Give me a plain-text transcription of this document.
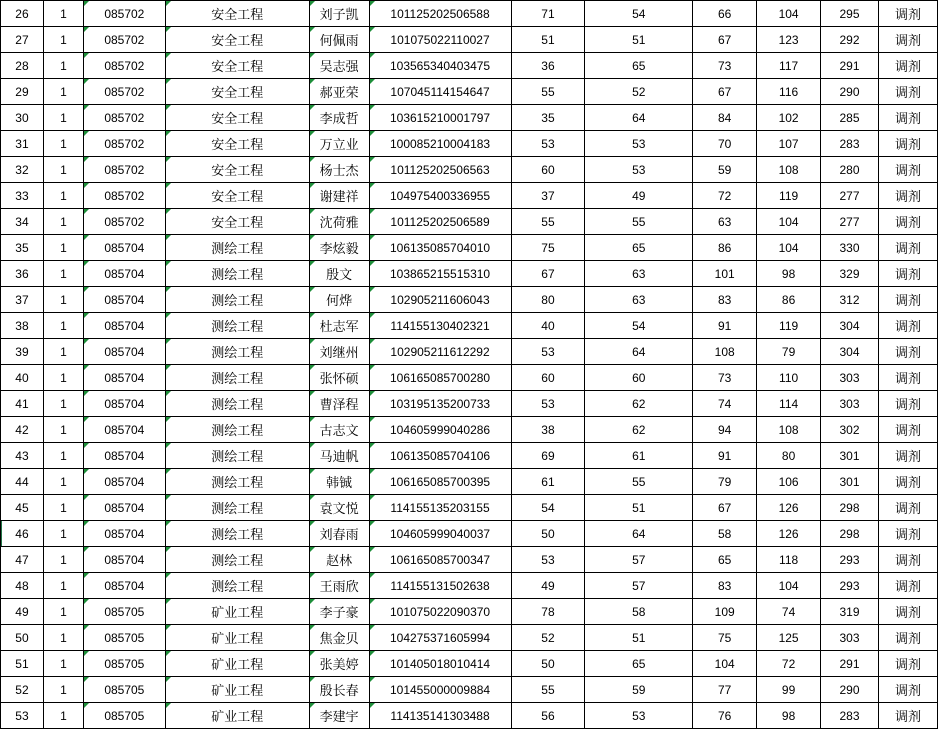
26	1	085702	安全工程	刘子凯	101125202506588	71	54	66	104	295	调剂
27	1	085702	安全工程	何佩雨	101075022110027	51	51	67	123	292	调剂
28	1	085702	安全工程	吴志强	103565340403475	36	65	73	117	291	调剂
29	1	085702	安全工程	郝亚荣	107045114154647	55	52	67	116	290	调剂
30	1	085702	安全工程	李成哲	103615210001797	35	64	84	102	285	调剂
31	1	085702	安全工程	万立业	100085210004183	53	53	70	107	283	调剂
32	1	085702	安全工程	杨士杰	101125202506563	60	53	59	108	280	调剂
33	1	085702	安全工程	谢建祥	104975400336955	37	49	72	119	277	调剂
34	1	085702	安全工程	沈荷雅	101125202506589	55	55	63	104	277	调剂
35	1	085704	测绘工程	李炫毅	106135085704010	75	65	86	104	330	调剂
36	1	085704	测绘工程	殷文	103865215515310	67	63	101	98	329	调剂
37	1	085704	测绘工程	何烨	102905211606043	80	63	83	86	312	调剂
38	1	085704	测绘工程	杜志军	114155130402321	40	54	91	119	304	调剂
39	1	085704	测绘工程	刘继州	102905211612292	53	64	108	79	304	调剂
40	1	085704	测绘工程	张怀硕	106165085700280	60	60	73	110	303	调剂
41	1	085704	测绘工程	曹泽程	103195135200733	53	62	74	114	303	调剂
42	1	085704	测绘工程	古志文	104605999040286	38	62	94	108	302	调剂
43	1	085704	测绘工程	马迪帆	106135085704106	69	61	91	80	301	调剂
44	1	085704	测绘工程	韩铖	106165085700395	61	55	79	106	301	调剂
45	1	085704	测绘工程	袁文悦	114155135203155	54	51	67	126	298	调剂
46	1	085704	测绘工程	刘春雨	104605999040037	50	64	58	126	298	调剂
47	1	085704	测绘工程	赵林	106165085700347	53	57	65	118	293	调剂
48	1	085704	测绘工程	王雨欣	114155131502638	49	57	83	104	293	调剂
49	1	085705	矿业工程	李子豪	101075022090370	78	58	109	74	319	调剂
50	1	085705	矿业工程	焦金贝	104275371605994	52	51	75	125	303	调剂
51	1	085705	矿业工程	张美婷	101405018010414	50	65	104	72	291	调剂
52	1	085705	矿业工程	殷长春	101455000009884	55	59	77	99	290	调剂
53	1	085705	矿业工程	李建宇	114135141303488	56	53	76	98	283	调剂
